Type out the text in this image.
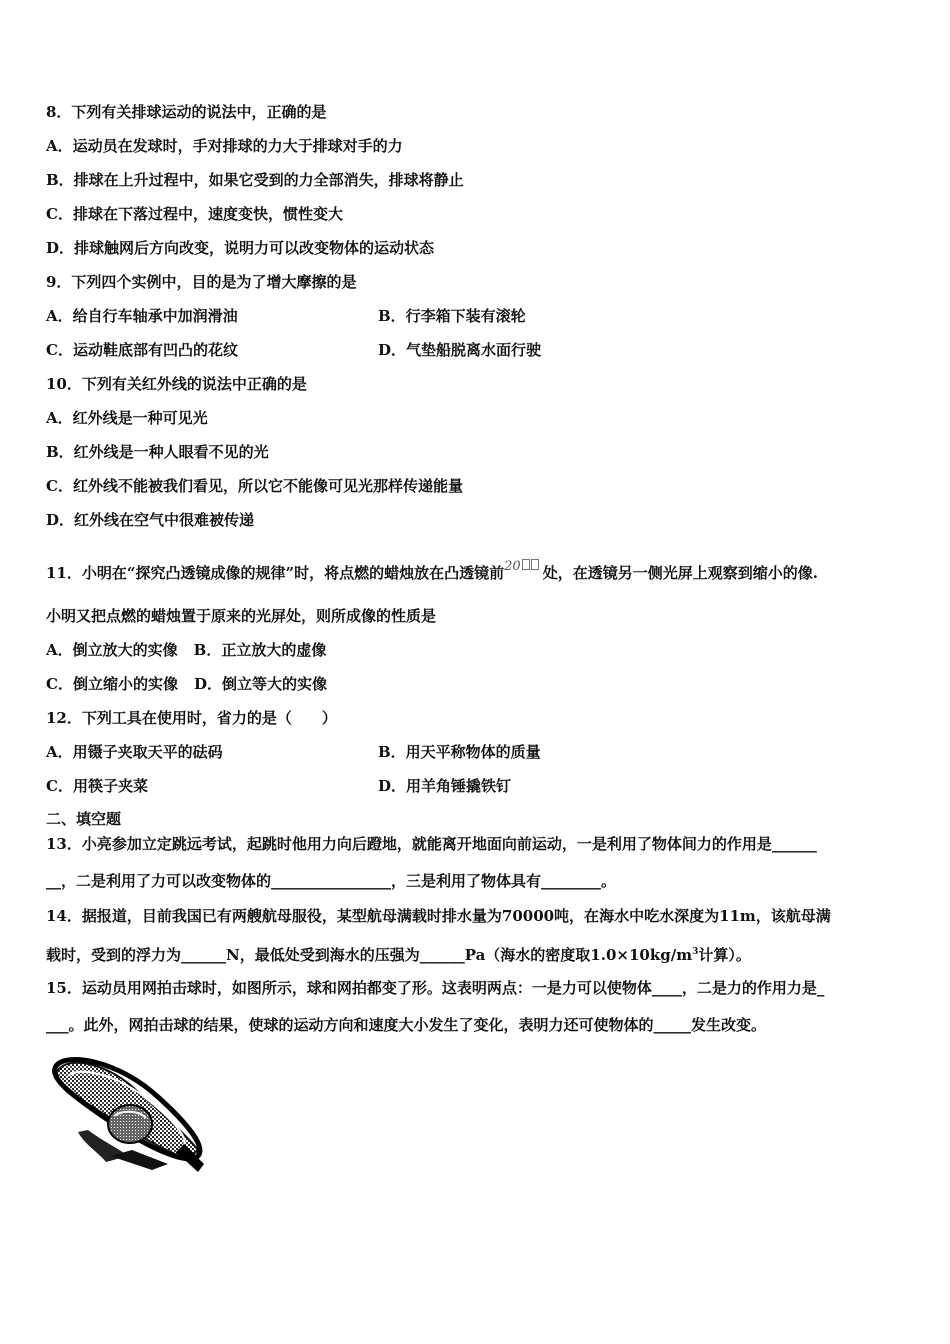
8．下列有关排球运动的说法中，正确的是
A．运动员在发球时，手对排球的力大于排球对手的力
B．排球在上升过程中，如果它受到的力全部消失，排球将静止
C．排球在下落过程中，速度变快，惯性变大
D．排球触网后方向改变，说明力可以改变物体的运动状态
9．下列四个实例中，目的是为了增大摩擦的是
A．给自行车轴承中加润滑油	B．行李箱下装有滚轮
C．运动鞋底部有凹凸的花纹	D．气垫船脱离水面行驶
10．下列有关红外线的说法中正确的是
A．红外线是一种可见光
B．红外线是一种人眼看不见的光
C．红外线不能被我们看见，所以它不能像可见光那样传递能量
D．红外线在空气中很难被传递
11．小明在“探究凸透镜成像的规律”时，将点燃的蜡烛放在凸透镜前20 处，在透镜另一侧光屏上观察到缩小的像.
小明又把点燃的蜡烛置于原来的光屏处，则所成像的性质是
A．倒立放大的实像 B．正立放大的虚像
C．倒立缩小的实像 D．倒立等大的实像
12．下列工具在使用时，省力的是（　　）
A．用镊子夹取天平的砝码	B．用天平称物体的质量
C．用筷子夹菜	D．用羊角锤撬铁钉
二、填空题
13．小亮参加立定跳远考试，起跳时他用力向后蹬地，就能离开地面向前运动，一是利用了物体间力的作用是______
__，二是利用了力可以改变物体的________________，三是利用了物体具有________。
14．据报道，目前我国已有两艘航母服役，某型航母满载时排水量为70000吨，在海水中吃水深度为11m，该航母满
载时，受到的浮力为______N，最低处受到海水的压强为______Pa（海水的密度取$1.0\times 10kg/m^3$计算）。
15．运动员用网拍击球时，如图所示，球和网拍都变了形。这表明两点：一是力可以使物体____，二是力的作用力是_
___。此外，网拍击球的结果，使球的运动方向和速度大小发生了变化，表明力还可使物体的_____发生改变。
